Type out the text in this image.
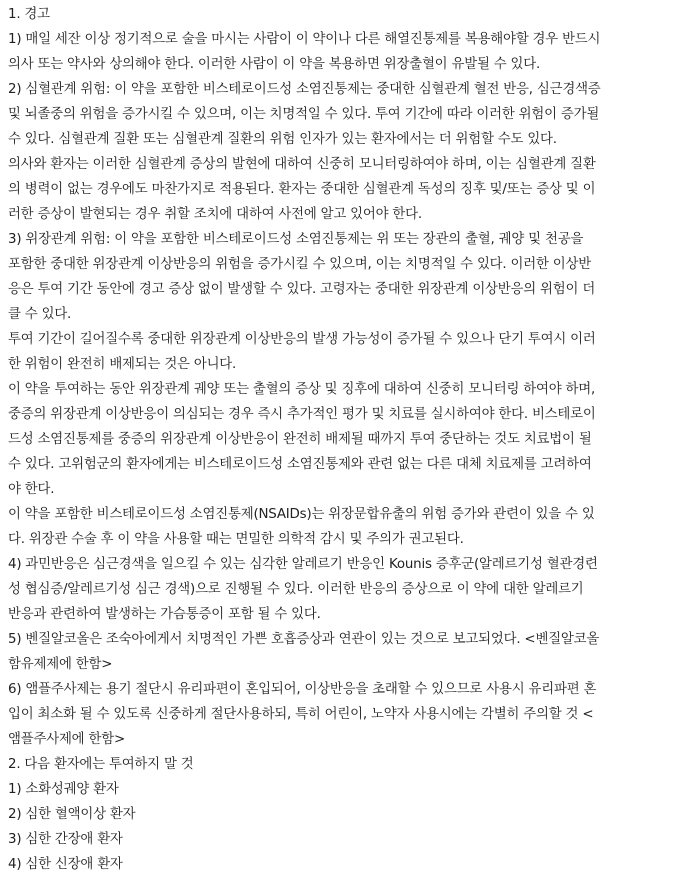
1. 경고
1) 매일 세잔 이상 정기적으로 술을 마시는 사람이 이 약이나 다른 해열진통제를 복용해야할 경우 반드시
의사 또는 약사와 상의해야 한다. 이러한 사람이 이 약을 복용하면 위장출혈이 유발될 수 있다.
2) 심혈관계 위험: 이 약을 포함한 비스테로이드성 소염진통제는 중대한 심혈관계 혈전 반응, 심근경색증
및 뇌졸중의 위험을 증가시킬 수 있으며, 이는 치명적일 수 있다. 투여 기간에 따라 이러한 위험이 증가될
수 있다. 심혈관계 질환 또는 심혈관계 질환의 위험 인자가 있는 환자에서는 더 위험할 수도 있다.
의사와 환자는 이러한 심혈관계 증상의 발현에 대하여 신중히 모니터링하여야 하며, 이는 심혈관계 질환
의 병력이 없는 경우에도 마찬가지로 적용된다. 환자는 중대한 심혈관계 독성의 징후 및/또는 증상 및 이
러한 증상이 발현되는 경우 취할 조치에 대하여 사전에 알고 있어야 한다.
3) 위장관계 위험: 이 약을 포함한 비스테로이드성 소염진통제는 위 또는 장관의 출혈, 궤양 및 천공을
포함한 중대한 위장관계 이상반응의 위험을 증가시킬 수 있으며, 이는 치명적일 수 있다. 이러한 이상반
응은 투여 기간 동안에 경고 증상 없이 발생할 수 있다. 고령자는 중대한 위장관계 이상반응의 위험이 더
클 수 있다.
투여 기간이 길어질수록 중대한 위장관계 이상반응의 발생 가능성이 증가될 수 있으나 단기 투여시 이러
한 위험이 완전히 배제되는 것은 아니다.
이 약을 투여하는 동안 위장관계 궤양 또는 출혈의 증상 및 징후에 대하여 신중히 모니터링 하여야 하며,
중증의 위장관계 이상반응이 의심되는 경우 즉시 추가적인 평가 및 치료를 실시하여야 한다. 비스테로이
드성 소염진통제를 중증의 위장관계 이상반응이 완전히 배제될 때까지 투여 중단하는 것도 치료법이 될
수 있다. 고위험군의 환자에게는 비스테로이드성 소염진통제와 관련 없는 다른 대체 치료제를 고려하여
야 한다.
이 약을 포함한 비스테로이드성 소염진통제(NSAIDs)는 위장문합유출의 위험 증가와 관련이 있을 수 있
다. 위장관 수술 후 이 약을 사용할 때는 면밀한 의학적 감시 및 주의가 권고된다.
4) 과민반응은 심근경색을 일으킬 수 있는 심각한 알레르기 반응인 Kounis 증후군(알레르기성 혈관경련
성 협심증/알레르기성 심근 경색)으로 진행될 수 있다. 이러한 반응의 증상으로 이 약에 대한 알레르기
반응과 관련하여 발생하는 가슴통증이 포함 될 수 있다.
5) 벤질알코올은 조숙아에게서 치명적인 가쁜 호흡증상과 연관이 있는 것으로 보고되었다. <벤질알코올
함유제제에 한함>
6) 앰플주사제는 용기 절단시 유리파편이 혼입되어, 이상반응을 초래할 수 있으므로 사용시 유리파편 혼
입이 최소화 될 수 있도록 신중하게 절단사용하되, 특히 어린이, 노약자 사용시에는 각별히 주의할 것 <
앰플주사제에 한함>
2. 다음 환자에는 투여하지 말 것
1) 소화성궤양 환자
2) 심한 혈액이상 환자
3) 심한 간장애 환자
4) 심한 신장애 환자
